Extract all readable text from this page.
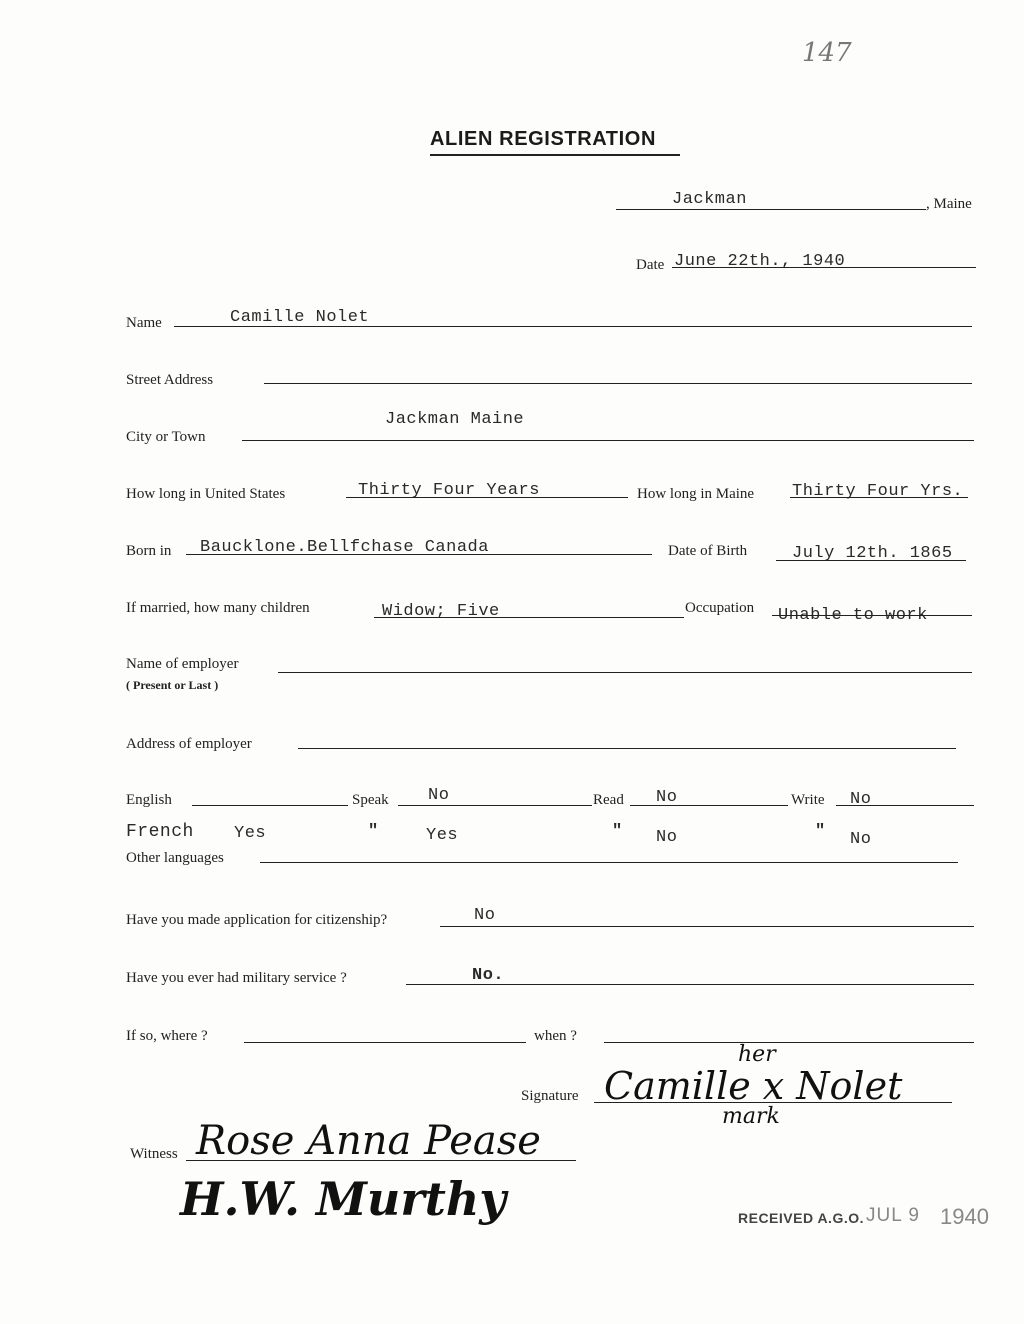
147
ALIEN REGISTRATION
Jackman	, Maine
Date June 22th., 1940
Name	Camille Nolet
Street Address
Jackman Maine
City or Town
How long in United States	Thirty Four Years	How long in Maine Thirty Four Yrs.
Born in Baucklone.Bellfchase Canada	Date of Birth	July 12th. 1865
If married, how many children	Widow; Five	Occupation Unable to work
Name of employer
( Present or Last )
Address of employer
English	Speak No	Read No	Write No
French Yes	"	Yes	" No	" No
Other languages
Have you made application for citizenship?	No
Have you ever had military service ?	No.
If so, where ?	when ?
her
Signature Camille x Nolet
mark
Witness Rose Anna Pease
H.W. Murthy	RECEIVED A.G.O. JUL 9 1940
